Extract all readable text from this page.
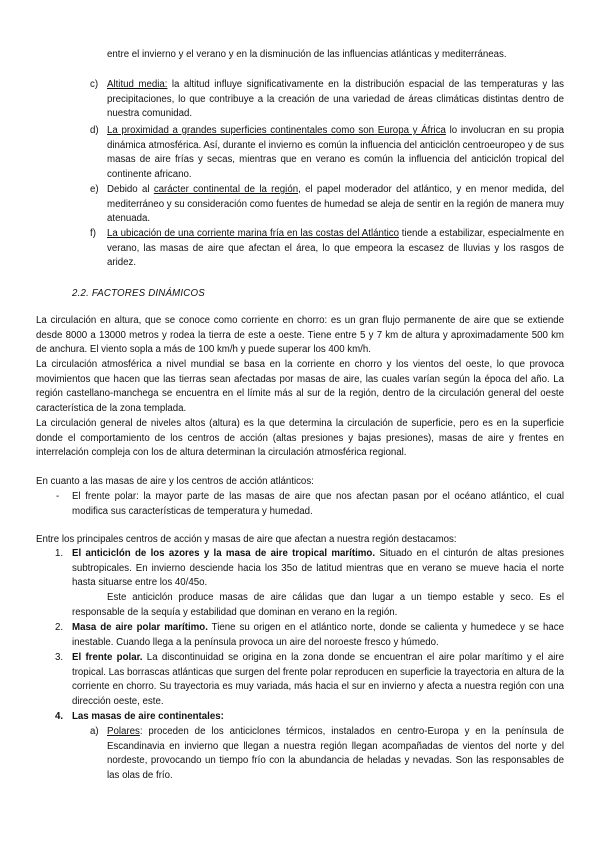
entre el invierno y el verano y en la disminución de las influencias atlánticas y mediterráneas.
c) Altitud media: la altitud influye significativamente en la distribución espacial de las temperaturas y las precipitaciones, lo que contribuye a la creación de una variedad de áreas climáticas distintas dentro de nuestra comunidad.
d) La proximidad a grandes superficies continentales como son Europa y África lo involucran en su propia dinámica atmosférica. Así, durante el invierno es común la influencia del anticiclón centroeuropeo y de sus masas de aire frías y secas, mientras que en verano es común la influencia del anticiclón tropical del continente africano.
e) Debido al carácter continental de la región, el papel moderador del atlántico, y en menor medida, del mediterráneo y su consideración como fuentes de humedad se aleja de sentir en la región de manera muy atenuada.
f) La ubicación de una corriente marina fría en las costas del Atlántico tiende a estabilizar, especialmente en verano, las masas de aire que afectan el área, lo que empeora la escasez de lluvias y los rasgos de aridez.
2.2. FACTORES DINÁMICOS
La circulación en altura, que se conoce como corriente en chorro: es un gran flujo permanente de aire que se extiende desde 8000 a 13000 metros y rodea la tierra de este a oeste. Tiene entre 5 y 7 km de altura y aproximadamente 500 km de anchura. El viento sopla a más de 100 km/h y puede superar los 400 km/h.
La circulación atmosférica a nivel mundial se basa en la corriente en chorro y los vientos del oeste, lo que provoca movimientos que hacen que las tierras sean afectadas por masas de aire, las cuales varían según la época del año. La región castellano-manchega se encuentra en el límite más al sur de la región, dentro de la circulación general del oeste característica de la zona templada.
La circulación general de niveles altos (altura) es la que determina la circulación de superficie, pero es en la superficie donde el comportamiento de los centros de acción (altas presiones y bajas presiones), masas de aire y frentes en interrelación compleja con los de altura determinan la circulación atmosférica regional.
En cuanto a las masas de aire y los centros de acción atlánticos:
- El frente polar: la mayor parte de las masas de aire que nos afectan pasan por el océano atlántico, el cual modifica sus características de temperatura y humedad.
Entre los principales centros de acción y masas de aire que afectan a nuestra región destacamos:
1. El anticiclón de los azores y la masa de aire tropical marítimo. Situado en el cinturón de altas presiones subtropicales. En invierno desciende hacia los 35o de latitud mientras que en verano se mueve hacia el norte hasta situarse entre los 40/45o.
Este anticiclón produce masas de aire cálidas que dan lugar a un tiempo estable y seco. Es el responsable de la sequía y estabilidad que dominan en verano en la región.
2. Masa de aire polar marítimo. Tiene su origen en el atlántico norte, donde se calienta y humedece y se hace inestable. Cuando llega a la península provoca un aire del noroeste fresco y húmedo.
3. El frente polar. La discontinuidad se origina en la zona donde se encuentran el aire polar marítimo y el aire tropical. Las borrascas atlánticas que surgen del frente polar reproducen en superficie la trayectoria en altura de la corriente en chorro. Su trayectoria es muy variada, más hacia el sur en invierno y afecta a nuestra región con una dirección oeste, este.
4. Las masas de aire continentales:
a) Polares: proceden de los anticiclones térmicos, instalados en centro-Europa y en la península de Escandinavia en invierno que llegan a nuestra región llegan acompañadas de vientos del norte y del nordeste, provocando un tiempo frío con la abundancia de heladas y nevadas. Son las responsables de las olas de frío.
